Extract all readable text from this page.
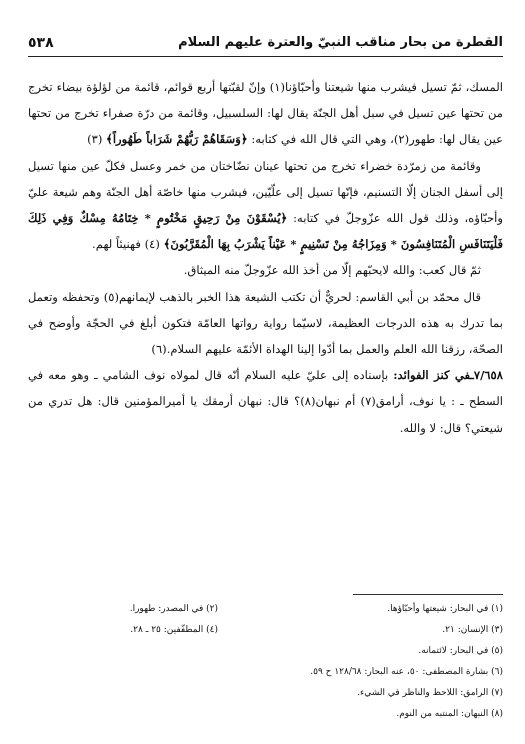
القطرة من بحار مناقب النبيّ والعترة عليهم السلام
٥٣٨

المسك، ثمّ تسيل فيشرب منها شيعتنا وأحبّاؤنا(١) وإنّ لقبّتها أربع قوائم، قائمة من لؤلؤة بيضاء تخرج من تحتها عين تسيل في سبل أهل الجنّة يقال لها: السلسبيل، وقائمة من درّة صفراء تخرج من تحتها عين يقال لها: طهور(٢)، وهي التي قال الله في كتابه: ﴿وَسَقَاهُمْ رَبُّهُمْ شَرَاباً طَهُوراً﴾ (٣)

وقائمة من زمرّدة خضراء تخرج من تحتها عينان نضّاختان من خمر وعسل فكلّ عين منها تسيل إلى أسفل الجنان إلّا التسنيم، فإنّها تسيل إلى علّيّين، فيشرب منها خاصّة أهل الجنّة وهم شيعة عليّ وأحبّاؤه، وذلك قول الله عزّوجلّ في كتابه: ﴿يُسْقَوْنَ مِنْ رَحِيقٍ مَخْتُومٍ * خِتَامُهُ مِسْكٌ وَفِي ذَلِكَ فَلْيَتَنَافَسِ الْمُتَنَافِسُونَ * وَمِزَاجُهُ مِنْ تَسْنِيمٍ * عَيْناً يَشْرَبُ بِهَا الْمُقَرَّبُونَ﴾ (٤) فهنيئاً لهم.

ثمّ قال كعب: والله لايحبّهم إلّا من أخذ الله عزّوجلّ منه الميثاق.

قال محمّد بن أبي القاسم: لحريٌّ أن تكتب الشيعة هذا الخبر بالذهب لإيمانهم(٥) وتحفظه وتعمل بما تدرك به هذه الدرجات العظيمة، لاسيّما رواية رواتها العامّة فتكون أبلغ في الحجّة وأوضح في الصحّة، رزقنا الله العلم والعمل بما أدّوا إلينا الهداة الأئمّة عليهم السلام.(٦)

٧/٦٥٨ـفي كنز الفوائد: بإسناده إلى عليّ عليه السلام أنّه قال لمولاه نوف الشامي ـ وهو معه في السطح ـ : يا نوف، أرامق(٧) أم نبهان(٨)؟ قال: نبهان أرمقك يا أميرالمؤمنين قال: هل تدري من شيعتي؟ قال: لا والله.

(١) في البحار: شيعتها وأحبّاؤها.
(٢) في المصدر: طهورا.
(٣) الإنسان: ٢١.
(٤) المطفّفين: ٢٥ ـ ٢٨.
(٥) في البحار: لائتمانه.
(٦) بشارة المصطفى: ٥٠، عنه البحار: ١٢٨/٦٨ ح ٥٩.
(٧) الرامق: اللاحظ والناظر في الشيء.
(٨) النبهان: المنتبه من النوم.
